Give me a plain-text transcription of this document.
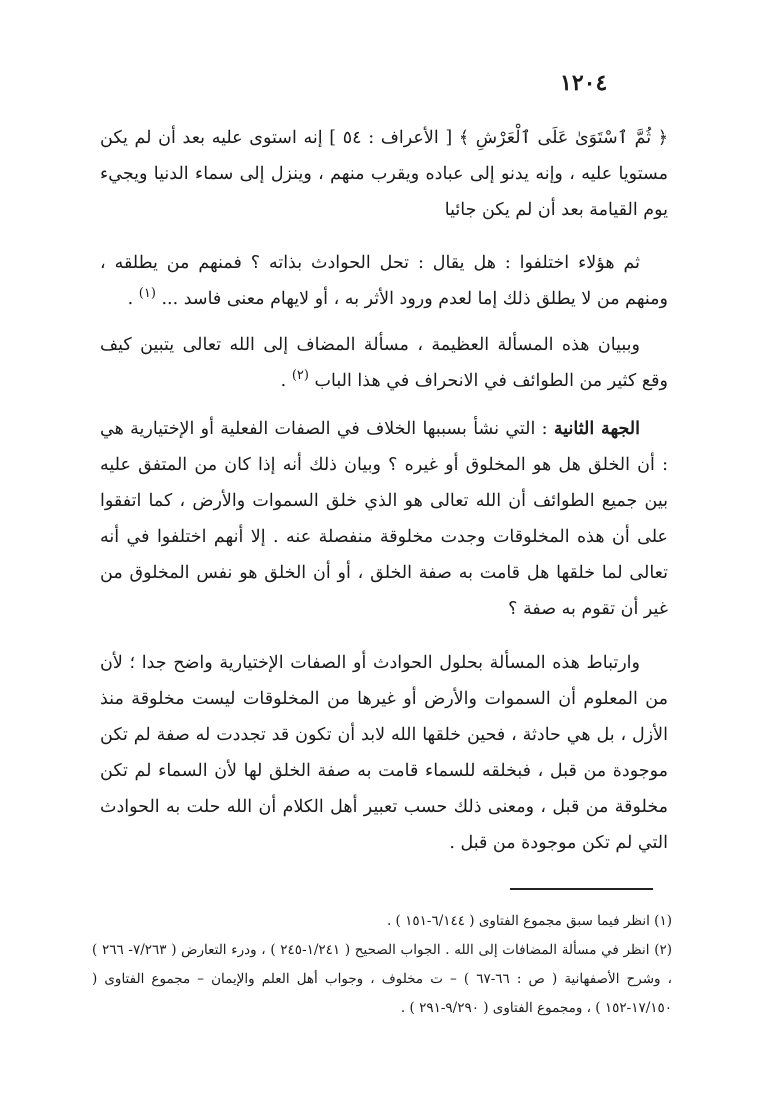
١٢٠٤

﴿ ثُمَّ ٱسْتَوَىٰ عَلَى ٱلْعَرْشِ ﴾ [ الأعراف : ٥٤ ] إنه استوى عليه بعد أن لم يكن مستويا عليه ، وإنه يدنو إلى عباده ويقرب منهم ، وينزل إلى سماء الدنيا ويجيء يوم القيامة بعد أن لم يكن جائيا

ثم هؤلاء اختلفوا : هل يقال : تحل الحوادث بذاته ؟ فمنهم من يطلقه ، ومنهم من لا يطلق ذلك إما لعدم ورود الأثر به ، أو لايهام معنى فاسد ... $^{(١)}$ .

وببيان هذه المسألة العظيمة ، مسألة المضاف إلى الله تعالى يتبين كيف وقع كثير من الطوائف في الانحراف في هذا الباب $^{(٢)}$ .

الجهة الثانية : التي نشأ بسببها الخلاف في الصفات الفعلية أو الإختيارية هي : أن الخلق هل هو المخلوق أو غيره ؟ وبيان ذلك أنه إذا كان من المتفق عليه بين جميع الطوائف أن الله تعالى هو الذي خلق السموات والأرض ، كما اتفقوا على أن هذه المخلوقات وجدت مخلوقة منفصلة عنه . إلا أنهم اختلفوا في أنه تعالى لما خلقها هل قامت به صفة الخلق ، أو أن الخلق هو نفس المخلوق من غير أن تقوم به صفة ؟

وارتباط هذه المسألة بحلول الحوادث أو الصفات الإختيارية واضح جدا ؛ لأن من المعلوم أن السموات والأرض أو غيرها من المخلوقات ليست مخلوقة منذ الأزل ، بل هي حادثة ، فحين خلقها الله لابد أن تكون قد تجددت له صفة لم تكن موجودة من قبل ، فبخلقه للسماء قامت به صفة الخلق لها لأن السماء لم تكن مخلوقة من قبل ، ومعنى ذلك حسب تعبير أهل الكلام أن الله حلت به الحوادث التي لم تكن موجودة من قبل .

(١) انظر فيما سبق مجموع الفتاوى ( ٦/١٤٤-١٥١ ) .

(٢) انظر في مسألة المضافات إلى الله . الجواب الصحيح ( ١/٢٤١-٢٤٥ ) ، ودرء التعارض ( ٧/٢٦٣- ٢٦٦ ) ، وشرح الأصفهانية ( ص : ٦٦-٦٧ ) – ت مخلوف ، وجواب أهل العلم والإيمان – مجموع الفتاوى ( ١٧/١٥٠-١٥٢ ) ، ومجموع الفتاوى ( ٩/٢٩٠-٢٩١ ) .
